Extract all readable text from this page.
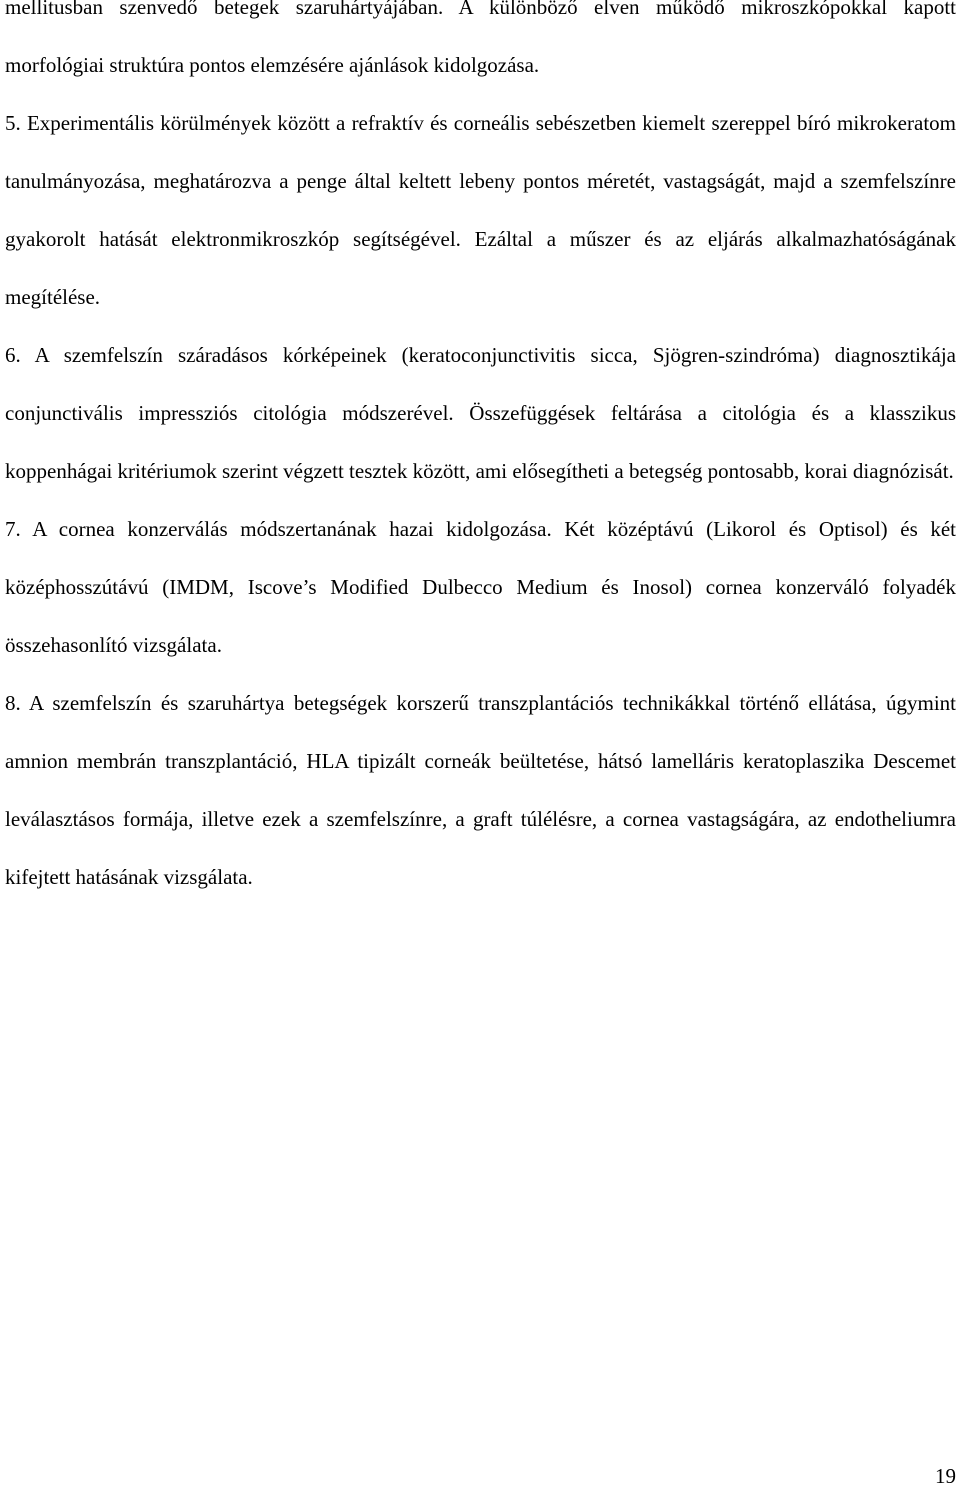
mellitusban szenvedő betegek szaruhártyájában. A különböző elven működő mikroszkópokkal kapott morfológiai struktúra pontos elemzésére ajánlások kidolgozása.

5. Experimentális körülmények között a refraktív és corneális sebészetben kiemelt szereppel bíró mikrokeratom tanulmányozása, meghatározva a penge által keltett lebeny pontos méretét, vastagságát, majd a szemfelszínre gyakorolt hatását elektronmikroszkóp segítségével. Ezáltal a műszer és az eljárás alkalmazhatóságának megítélése.

6. A szemfelszín száradásos kórképeinek (keratoconjunctivitis sicca, Sjögren-szindróma) diagnosztikája conjunctivális impressziós citológia módszerével. Összefüggések feltárása a citológia és a klasszikus koppenhágai kritériumok szerint végzett tesztek között, ami elősegítheti a betegség pontosabb, korai diagnózisát.

7. A cornea konzerválás módszertanának hazai kidolgozása. Két középtávú (Likorol és Optisol) és két középhosszútávú (IMDM, Iscove’s Modified Dulbecco Medium és Inosol) cornea konzerváló folyadék összehasonlító vizsgálata.

8. A szemfelszín és szaruhártya betegségek korszerű transzplantációs technikákkal történő ellátása, úgymint amnion membrán transzplantáció, HLA tipizált corneák beültetése, hátsó lamelláris keratoplaszika Descemet leválasztásos formája, illetve ezek a szemfelszínre, a graft túlélésre, a cornea vastagságára, az endotheliumra kifejtett hatásának vizsgálata.

19
